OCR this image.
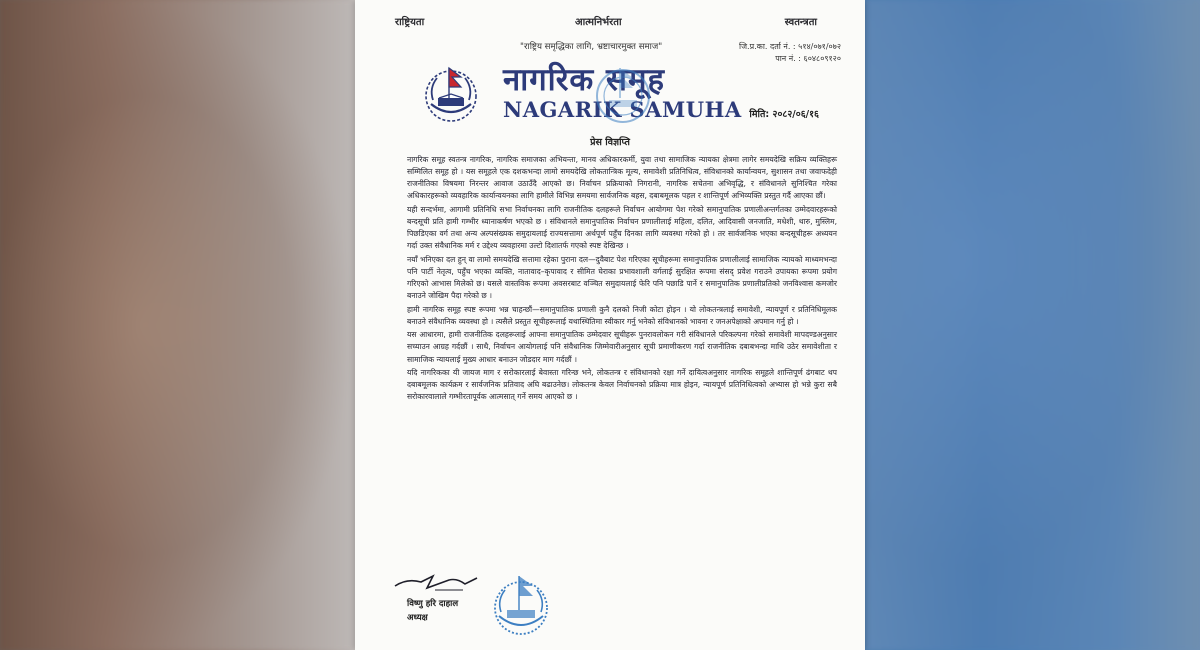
राष्ट्रियता	आत्मनिर्भरता	स्वतन्त्रता
"राष्ट्रिय समृद्धिका लागि, भ्रष्टाचारमुक्त समाज"	जि.प्र.का. दर्ता नं. : ५१४/०७१/०७२
पान नं. : ६०४८०९१२०
नागरिक समूह
NAGARIK SAMUHA मिति: २०८२/०६/१६
प्रेस विज्ञप्ति

नागरिक समूह स्वतन्त्र नागरिक, नागरिक समाजका अभियन्ता, मानव अधिकारकर्मी, युवा तथा सामाजिक न्यायका क्षेत्रमा लागेर समयदेखि सक्रिय व्यक्तिहरू सम्मिलित समूह हो । यस समूहले एक दशकभन्दा लामो समयदेखि लोकतान्त्रिक मूल्य, समावेशी प्रतिनिधित्व, संविधानको कार्यान्वयन, सुशासन तथा जवाफदेही राजनीतिका विषयमा निरन्तर आवाज उठाउँदै आएको छ। निर्वाचन प्रक्रियाको निगरानी, नागरिक सचेतना अभिवृद्धि, र संविधानले सुनिश्चित गरेका अधिकारहरूको व्यवहारिक कार्यान्वयनका लागि हामीले विभिन्न समयमा सार्वजनिक बहस, दबाबमूलक पहल र शान्तिपूर्ण अभिव्यक्ति प्रस्तुत गर्दै आएका छौं।

यही सन्दर्भमा, आगामी प्रतिनिधि सभा निर्वाचनका लागि राजनीतिक दलहरूले निर्वाचन आयोगमा पेश गरेको समानुपातिक प्रणालीअन्तर्गतका उम्मेदवारहरूको बन्दसूची प्रति हामी गम्भीर ध्यानाकर्षण भएको छ । संविधानले समानुपातिक निर्वाचन प्रणालीलाई महिला, दलित, आदिवासी जनजाति, मधेशी, थारु, मुस्लिम, पिछडिएका वर्ग तथा अन्य अल्पसंख्यक समुदायलाई राज्यसत्तामा अर्थपूर्ण पहुँच दिनका लागि व्यवस्था गरेको हो । तर सार्वजनिक भएका बन्दसूचीहरू अध्ययन गर्दा उक्त संवैधानिक मर्म र उद्देश्य व्यवहारमा उल्टो दिशातर्फ गएको स्पष्ट देखिन्छ ।

नयाँ भनिएका दल हुन् वा लामो समयदेखि सत्तामा रहेका पुराना दल—दुवैबाट पेश गरिएका सूचीहरूमा समानुपातिक प्रणालीलाई सामाजिक न्यायको माध्यमभन्दा पनि पार्टी नेतृत्व, पहुँच भएका व्यक्ति, नातावाद–कृपावाद र सीमित घेराका प्रभावशाली वर्गलाई सुरक्षित रूपमा संसद् प्रवेश गराउने उपायका रूपमा प्रयोग गरिएको आभास मिलेको छ। यसले वास्तविक रूपमा अवसरबाट वञ्चित समुदायलाई फेरि पनि पछाडि पार्ने र समानुपातिक प्रणालीप्रतिको जनविश्वास कमजोर बनाउने जोखिम पैदा गरेको छ ।

हामी नागरिक समूह स्पष्ट रूपमा भन्न चाहन्छौं—समानुपातिक प्रणाली कुनै दलको निजी कोटा होइन । यो लोकतन्त्रलाई समावेशी, न्यायपूर्ण र प्रतिनिधिमूलक बनाउने संवैधानिक व्यवस्था हो । त्यसैले प्रस्तुत सूचीहरूलाई यथास्थितिमा स्वीकार गर्नु भनेको संविधानको भावना र जनअपेक्षाको अपमान गर्नु हो ।

यस आधारमा, हामी राजनीतिक दलहरूलाई आफ्ना समानुपातिक उम्मेदवार सूचीहरू पुनरावलोकन गरी संविधानले परिकल्पना गरेको समावेशी मापदण्डअनुसार सच्याउन आग्रह गर्दछौं । साथै, निर्वाचन आयोगलाई पनि संवैधानिक जिम्मेवारीअनुसार सूची प्रमाणीकरण गर्दा राजनीतिक दबाबभन्दा माथि उठेर समावेशीता र सामाजिक न्यायलाई मुख्य आधार बनाउन जोडदार माग गर्दछौं ।

यदि नागरिकका यी जायज माग र सरोकारलाई बेवास्ता गरिन्छ भने, लोकतन्त्र र संविधानको रक्षा गर्ने दायित्वअनुसार नागरिक समूहले शान्तिपूर्ण ढंगबाट थप दबाबमूलक कार्यक्रम र सार्वजनिक प्रतिवाद अघि बढाउनेछ। लोकतन्त्र केवल निर्वाचनको प्रक्रिया मात्र होइन, न्यायपूर्ण प्रतिनिधित्वको अभ्यास हो भन्ने कुरा सबै सरोकारवालाले गम्भीरतापूर्वक आत्मसात् गर्ने समय आएको छ ।

विष्णु हरि दाहाल
अध्यक्ष
